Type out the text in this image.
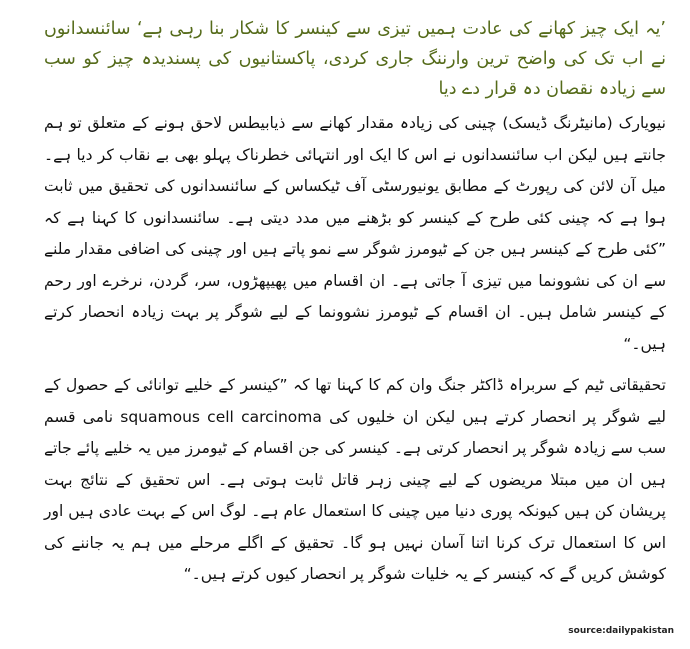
’یہ ایک چیز کھانے کی عادت ہمیں تیزی سے کینسر کا شکار بنا رہی ہے‘ سائنسدانوں نے اب تک کی واضح ترین وارننگ جاری کردی، پاکستانیوں کی پسندیدہ چیز کو سب سے زیادہ نقصان دہ قرار دے دیا

نیویارک (مانیٹرنگ ڈیسک) چینی کی زیادہ مقدار کھانے سے ذیابیطس لاحق ہونے کے متعلق تو ہم جانتے ہیں لیکن اب سائنسدانوں نے اس کا ایک اور انتہائی خطرناک پہلو بھی بے نقاب کر دیا ہے۔ میل آن لائن کی رپورٹ کے مطابق یونیورسٹی آف ٹیکساس کے سائنسدانوں کی تحقیق میں ثابت ہوا ہے کہ چینی کئی طرح کے کینسر کو بڑھنے میں مدد دیتی ہے۔ سائنسدانوں کا کہنا ہے کہ ”کئی طرح کے کینسر ہیں جن کے ٹیومرز شوگر سے نمو پاتے ہیں اور چینی کی اضافی مقدار ملنے سے ان کی نشوونما میں تیزی آ جاتی ہے۔ ان اقسام میں پھیپھڑوں، سر، گردن، نرخرے اور رحم کے کینسر شامل ہیں۔ ان اقسام کے ٹیومرز نشوونما کے لیے شوگر پر بہت زیادہ انحصار کرتے ہیں۔“

تحقیقاتی ٹیم کے سربراہ ڈاکٹر جنگ وان کم کا کہنا تھا کہ ”کینسر کے خلیے توانائی کے حصول کے لیے شوگر پر انحصار کرتے ہیں لیکن ان خلیوں کی squamous cell carcinoma نامی قسم سب سے زیادہ شوگر پر انحصار کرتی ہے۔ کینسر کی جن اقسام کے ٹیومرز میں یہ خلیے پائے جاتے ہیں ان میں مبتلا مریضوں کے لیے چینی زہر قاتل ثابت ہوتی ہے۔ اس تحقیق کے نتائج بہت پریشان کن ہیں کیونکہ پوری دنیا میں چینی کا استعمال عام ہے۔ لوگ اس کے بہت عادی ہیں اور اس کا استعمال ترک کرنا اتنا آسان نہیں ہو گا۔ تحقیق کے اگلے مرحلے میں ہم یہ جاننے کی کوشش کریں گے کہ کینسر کے یہ خلیات شوگر پر انحصار کیوں کرتے ہیں۔“

source:dailypakistan
